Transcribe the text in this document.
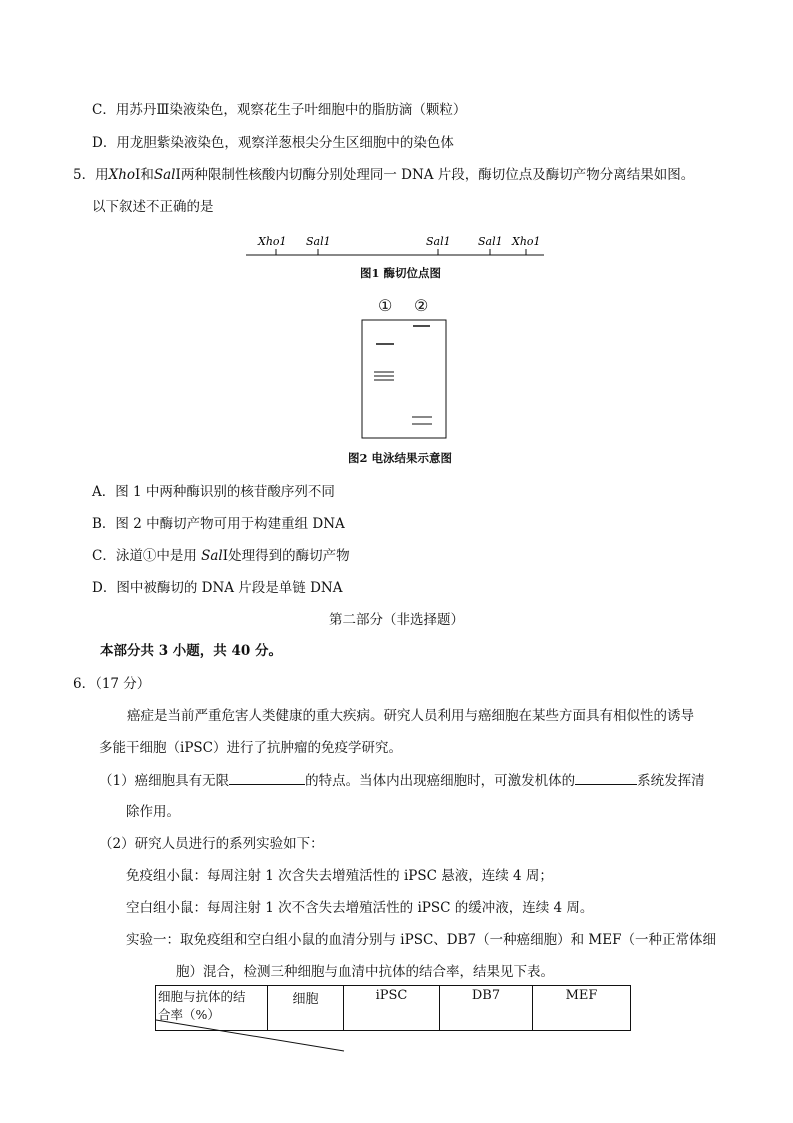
C．用苏丹Ⅲ染液染色，观察花生子叶细胞中的脂肪滴（颗粒）
D．用龙胆紫染液染色，观察洋葱根尖分生区细胞中的染色体
5．用XhoⅠ和SalⅠ两种限制性核酸内切酶分别处理同一 DNA 片段，酶切位点及酶切产物分离结果如图。
以下叙述不正确的是
Xho1 Sal1	Sal1 Sal1 Xho1
图1 酶切位点图
① ②
图2 电泳结果示意图
A．图 1 中两种酶识别的核苷酸序列不同
B．图 2 中酶切产物可用于构建重组 DNA
C．泳道①中是用 SalⅠ处理得到的酶切产物
D．图中被酶切的 DNA 片段是单链 DNA
第二部分（非选择题）
本部分共 3 小题，共 40 分。
6．（17 分）
癌症是当前严重危害人类健康的重大疾病。研究人员利用与癌细胞在某些方面具有相似性的诱导
多能干细胞（iPSC）进行了抗肿瘤的免疫学研究。
（1）癌细胞具有无限	的特点。当体内出现癌细胞时，可激发机体的	系统发挥清
除作用。
（2）研究人员进行的系列实验如下：
免疫组小鼠：每周注射 1 次含失去增殖活性的 iPSC 悬液，连续 4 周；
空白组小鼠：每周注射 1 次不含失去增殖活性的 iPSC 的缓冲液，连续 4 周。
实验一：取免疫组和空白组小鼠的血清分别与 iPSC、DB7（一种癌细胞）和 MEF（一种正常体细
胞）混合，检测三种细胞与血清中抗体的结合率，结果见下表。
细胞与抗体的结
合率（%）
	细胞	iPSC	DB7	MEF
